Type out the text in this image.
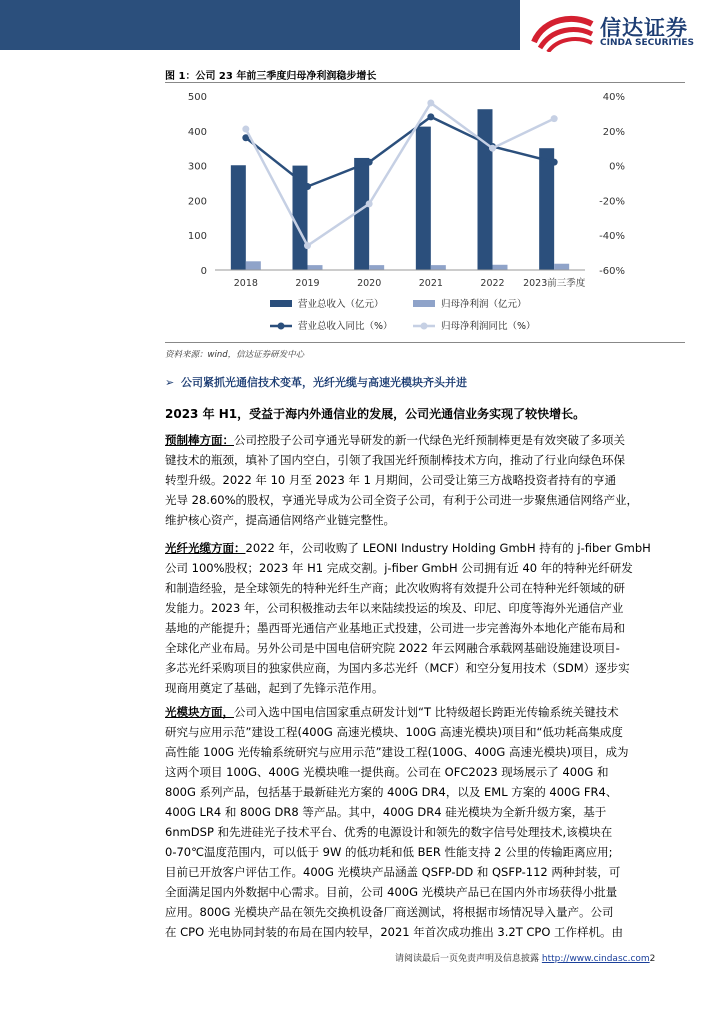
信达证券
CINDA SECURITIES
图 1：公司 23 年前三季度归母净利润稳步增长
500
400
300
200
100
0
40%
20%
0%
-20%
-40%
-60%
2018	2019	2020	2021	2022 2023前三季度
营业总收入（亿元）	归母净利润（亿元）
营业总收入同比（%）	归母净利润同比（%）
资料来源：wind，信达证券研发中心
➢ 公司紧抓光通信技术变革，光纤光缆与高速光模块齐头并进
2023 年 H1，受益于海内外通信业的发展，公司光通信业务实现了较快增长。
预制棒方面：公司控股子公司亨通光导研发的新一代绿色光纤预制棒更是有效突破了多项关
键技术的瓶颈，填补了国内空白，引领了我国光纤预制棒技术方向，推动了行业向绿色环保
转型升级。2022 年 10 月至 2023 年 1 月期间，公司受让第三方战略投资者持有的亨通
光导 28.60%的股权，亨通光导成为公司全资子公司，有利于公司进一步聚焦通信网络产业，
维护核心资产，提高通信网络产业链完整性。
光纤光缆方面：2022 年，公司收购了 LEONI Industry Holding GmbH 持有的 j-fiber GmbH
公司 100%股权；2023 年 H1 完成交割。j-fiber GmbH 公司拥有近 40 年的特种光纤研发
和制造经验，是全球领先的特种光纤生产商；此次收购将有效提升公司在特种光纤领域的研
发能力。2023 年，公司积极推动去年以来陆续投运的埃及、印尼、印度等海外光通信产业
基地的产能提升；墨西哥光通信产业基地正式投建，公司进一步完善海外本地化产能布局和
全球化产业布局。另外公司是中国电信研究院 2022 年云网融合承载网基础设施建设项目-
多芯光纤采购项目的独家供应商，为国内多芯光纤（MCF）和空分复用技术（SDM）逐步实
现商用奠定了基础，起到了先锋示范作用。
光模块方面，公司入选中国电信国家重点研发计划“T 比特级超长跨距光传输系统关键技术
研究与应用示范”建设工程(400G 高速光模块、100G 高速光模块)项目和“低功耗高集成度
高性能 100G 光传输系统研究与应用示范”建设工程(100G、400G 高速光模块)项目，成为
这两个项目 100G、400G 光模块唯一提供商。公司在 OFC2023 现场展示了 400G 和
800G 系列产品，包括基于最新硅光方案的 400G DR4，以及 EML 方案的 400G FR4、
400G LR4 和 800G DR8 等产品。其中，400G DR4 硅光模块为全新升级方案，基于
6nmDSP 和先进硅光子技术平台、优秀的电源设计和领先的数字信号处理技术,该模块在
0-70℃温度范围内，可以低于 9W 的低功耗和低 BER 性能支持 2 公里的传输距离应用;
目前已开放客户评估工作。400G 光模块产品涵盖 QSFP-DD 和 QSFP-112 两种封装，可
全面满足国内外数据中心需求。目前，公司 400G 光模块产品已在国内外市场获得小批量
应用。800G 光模块产品在领先交换机设备厂商送测试，将根据市场情况导入量产。公司
在 CPO 光电协同封装的布局在国内较早，2021 年首次成功推出 3.2T CPO 工作样机。由
请阅读最后一页免责声明及信息披露 http://www.cindasc.com2
